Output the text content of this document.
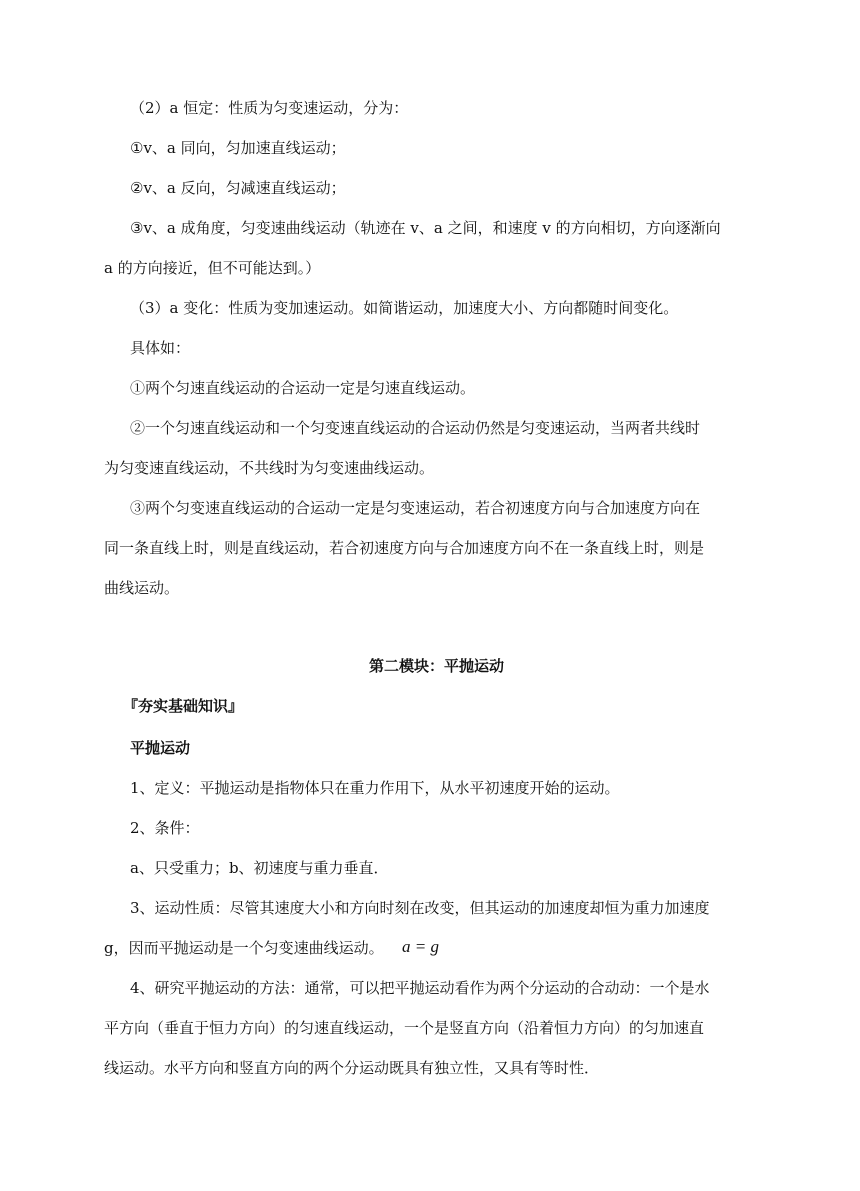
（2）a 恒定：性质为匀变速运动，分为：
①v、a 同向，匀加速直线运动；
②v、a 反向，匀减速直线运动；
③v、a 成角度，匀变速曲线运动（轨迹在 v、a 之间，和速度 v 的方向相切，方向逐渐向
a 的方向接近，但不可能达到。）
（3）a 变化：性质为变加速运动。如简谐运动，加速度大小、方向都随时间变化。
具体如：
①两个匀速直线运动的合运动一定是匀速直线运动。
②一个匀速直线运动和一个匀变速直线运动的合运动仍然是匀变速运动，当两者共线时
为匀变速直线运动，不共线时为匀变速曲线运动。
③两个匀变速直线运动的合运动一定是匀变速运动，若合初速度方向与合加速度方向在
同一条直线上时，则是直线运动，若合初速度方向与合加速度方向不在一条直线上时，则是
曲线运动。
第二模块：平抛运动
『夯实基础知识』
平抛运动
1、定义：平抛运动是指物体只在重力作用下，从水平初速度开始的运动。
2、条件：
a、只受重力；b、初速度与重力垂直．
3、运动性质：尽管其速度大小和方向时刻在改变，但其运动的加速度却恒为重力加速度
g，因而平抛运动是一个匀变速曲线运动。 a = g
4、研究平抛运动的方法：通常，可以把平抛运动看作为两个分运动的合动动：一个是水
平方向（垂直于恒力方向）的匀速直线运动，一个是竖直方向（沿着恒力方向）的匀加速直
线运动。水平方向和竖直方向的两个分运动既具有独立性，又具有等时性．
